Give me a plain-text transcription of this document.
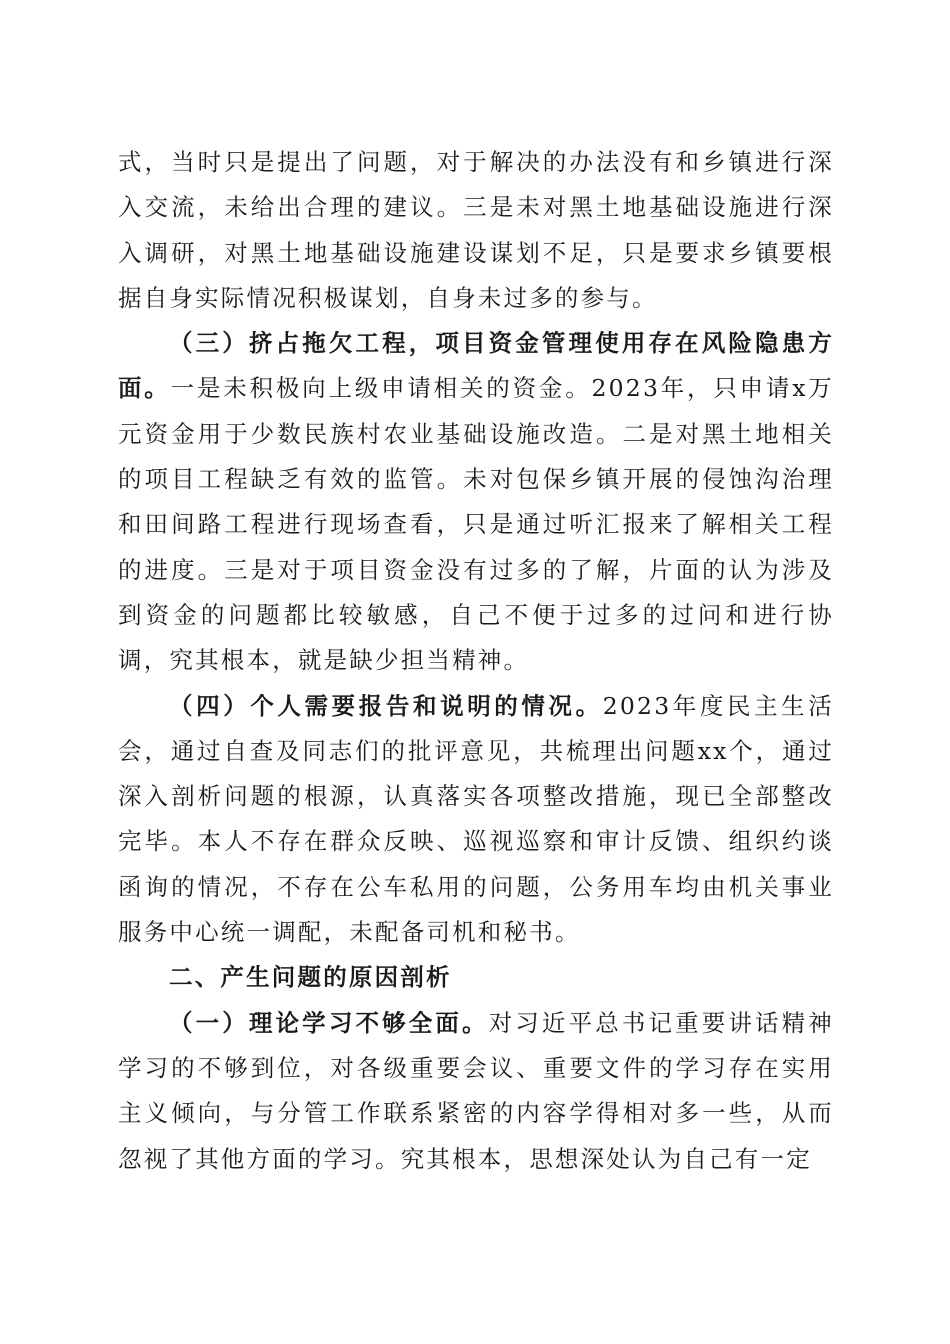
式，当时只是提出了问题，对于解决的办法没有和乡镇进行深入交流，未给出合理的建议。三是未对黑土地基础设施进行深入调研，对黑土地基础设施建设谋划不足，只是要求乡镇要根据自身实际情况积极谋划，自身未过多的参与。

（三）挤占拖欠工程，项目资金管理使用存在风险隐患方面。一是未积极向上级申请相关的资金。2023年，只申请x万元资金用于少数民族村农业基础设施改造。二是对黑土地相关的项目工程缺乏有效的监管。未对包保乡镇开展的侵蚀沟治理和田间路工程进行现场查看，只是通过听汇报来了解相关工程的进度。三是对于项目资金没有过多的了解，片面的认为涉及到资金的问题都比较敏感，自己不便于过多的过问和进行协调，究其根本，就是缺少担当精神。

（四）个人需要报告和说明的情况。2023年度民主生活会，通过自查及同志们的批评意见，共梳理出问题xx个，通过深入剖析问题的根源，认真落实各项整改措施，现已全部整改完毕。本人不存在群众反映、巡视巡察和审计反馈、组织约谈函询的情况，不存在公车私用的问题，公务用车均由机关事业服务中心统一调配，未配备司机和秘书。

二、产生问题的原因剖析

（一）理论学习不够全面。对习近平总书记重要讲话精神学习的不够到位，对各级重要会议、重要文件的学习存在实用主义倾向，与分管工作联系紧密的内容学得相对多一些，从而忽视了其他方面的学习。究其根本，思想深处认为自己有一定
